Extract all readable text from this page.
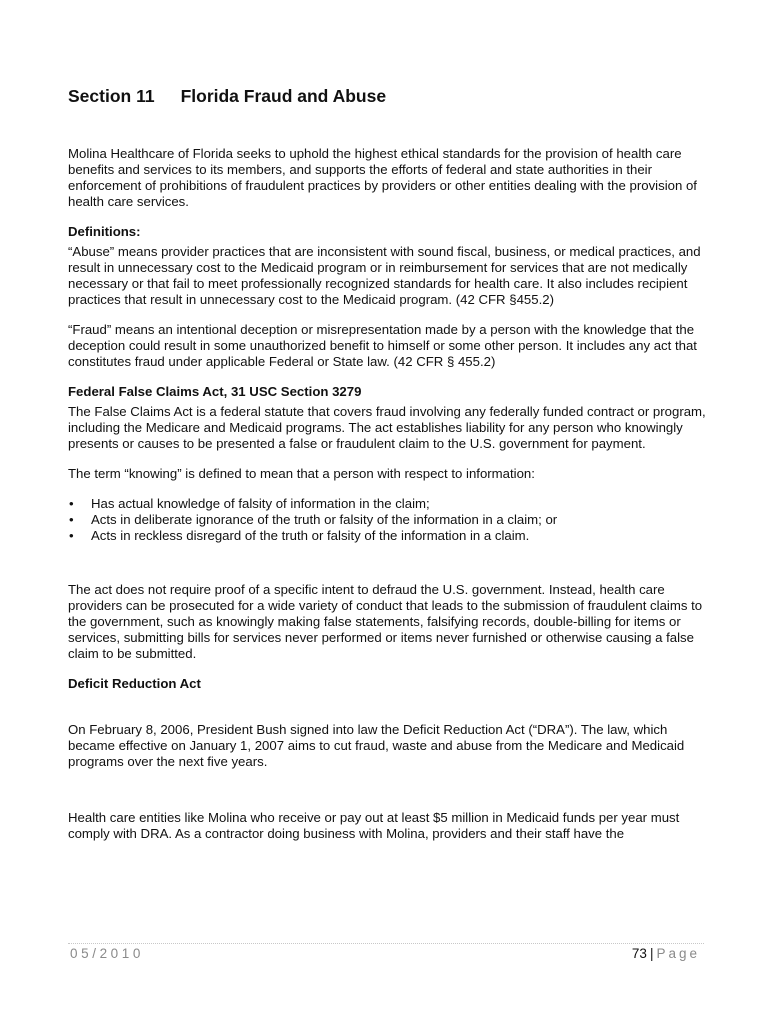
Section 11 Florida Fraud and Abuse

Molina Healthcare of Florida seeks to uphold the highest ethical standards for the provision of health care benefits and services to its members, and supports the efforts of federal and state authorities in their enforcement of prohibitions of fraudulent practices by providers or other entities dealing with the provision of health care services.

Definitions:

“Abuse” means provider practices that are inconsistent with sound fiscal, business, or medical practices, and result in unnecessary cost to the Medicaid program or in reimbursement for services that are not medically necessary or that fail to meet professionally recognized standards for health care. It also includes recipient practices that result in unnecessary cost to the Medicaid program. (42 CFR §455.2)

“Fraud” means an intentional deception or misrepresentation made by a person with the knowledge that the deception could result in some unauthorized benefit to himself or some other person. It includes any act that constitutes fraud under applicable Federal or State law. (42 CFR § 455.2)

Federal False Claims Act, 31 USC Section 3279

The False Claims Act is a federal statute that covers fraud involving any federally funded contract or program, including the Medicare and Medicaid programs. The act establishes liability for any person who knowingly presents or causes to be presented a false or fraudulent claim to the U.S. government for payment.

The term “knowing” is defined to mean that a person with respect to information:

• Has actual knowledge of falsity of information in the claim;
• Acts in deliberate ignorance of the truth or falsity of the information in a claim; or
• Acts in reckless disregard of the truth or falsity of the information in a claim.

The act does not require proof of a specific intent to defraud the U.S. government. Instead, health care providers can be prosecuted for a wide variety of conduct that leads to the submission of fraudulent claims to the government, such as knowingly making false statements, falsifying records, double-billing for items or services, submitting bills for services never performed or items never furnished or otherwise causing a false claim to be submitted.

Deficit Reduction Act

On February 8, 2006, President Bush signed into law the Deficit Reduction Act (“DRA”). The law, which became effective on January 1, 2007 aims to cut fraud, waste and abuse from the Medicare and Medicaid programs over the next five years.

Health care entities like Molina who receive or pay out at least $5 million in Medicaid funds per year must comply with DRA. As a contractor doing business with Molina, providers and their staff have the

05/2010	73 | Page
